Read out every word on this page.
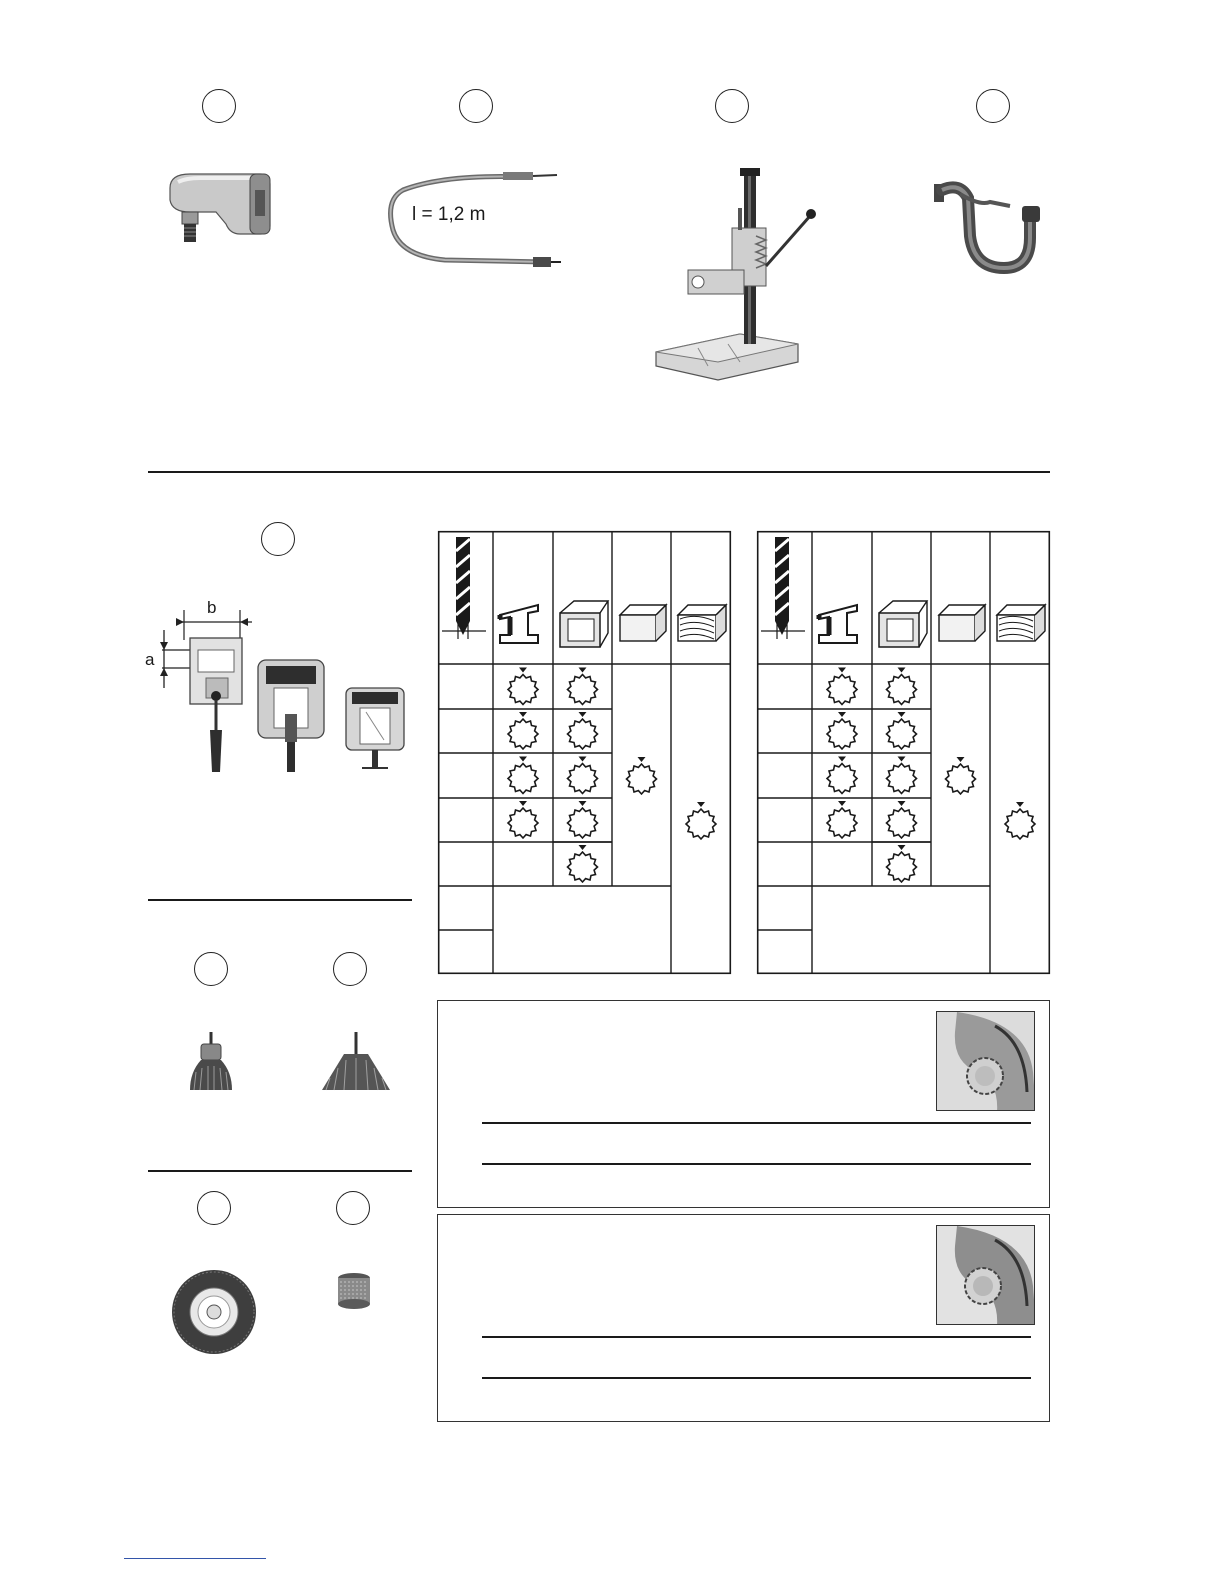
l = 1,2 m
b
a
